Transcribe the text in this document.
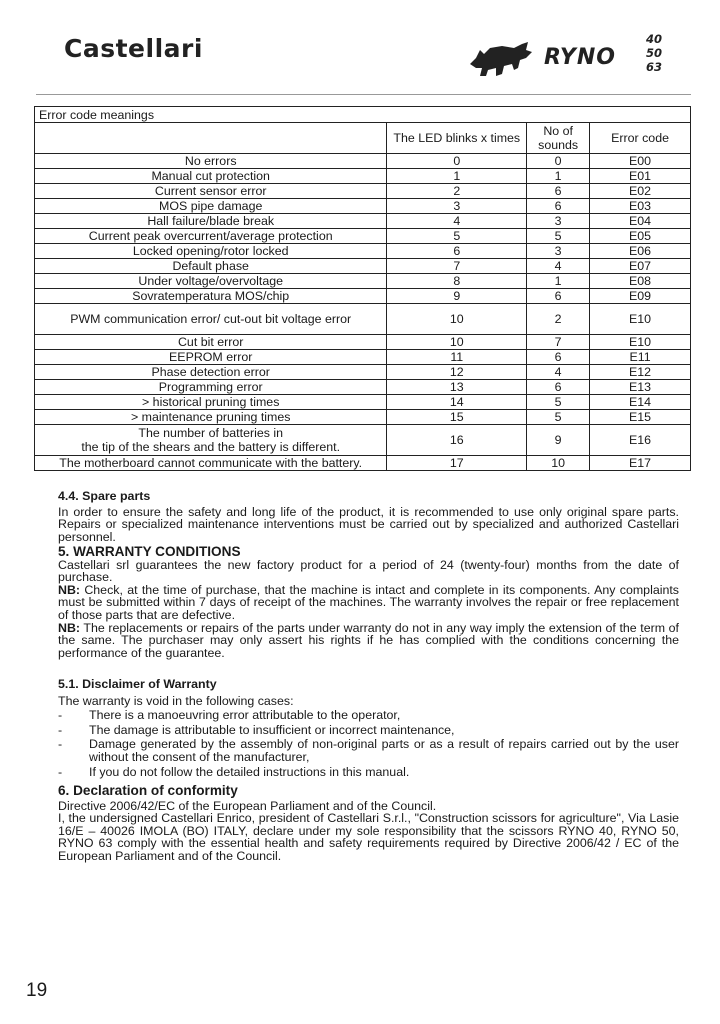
Castellari	RYNO
40
50
63
Error code meanings			
	The LED blinks x times	No of sounds	Error code
No errors	0	0	E00
Manual cut protection	1	1	E01
Current sensor error	2	6	E02
MOS pipe damage	3	6	E03
Hall failure/blade break	4	3	E04
Current peak overcurrent/average protection	5	5	E05
Locked opening/rotor locked	6	3	E06
Default phase	7	4	E07
Under voltage/overvoltage	8	1	E08
Sovratemperatura MOS/chip	9	6	E09
PWM communication error/ cut-out bit voltage error	10	2	E10
Cut bit error	10	7	E10
EEPROM error	11	6	E11
Phase detection error	12	4	E12
Programming error	13	6	E13
> historical pruning times	14	5	E14
> maintenance pruning times	15	5	E15

The number of batteries in
the tip of the shears and the battery is different.	16	9	E16
The motherboard cannot communicate with the battery.	17	10	E17

4.4. Spare parts

In order to ensure the safety and long life of the product, it is recommended to use only original spare parts. Repairs or specialized maintenance interventions must be carried out by specialized and authorized Castellari personnel.

5. WARRANTY CONDITIONS

Castellari srl guarantees the new factory product for a period of 24 (twenty-four) months from the date of purchase.

NB: Check, at the time of purchase, that the machine is intact and complete in its components. Any complaints must be submitted within 7 days of receipt of the machines. The warranty involves the repair or free replacement of those parts that are defective.

NB: The replacements or repairs of the parts under warranty do not in any way imply the extension of the term of the same. The purchaser may only assert his rights if he has complied with the conditions concerning the performance of the guarantee.

5.1. Disclaimer of Warranty

The warranty is void in the following cases:

- There is a manoeuvring error attributable to the operator,
- The damage is attributable to insufficient or incorrect maintenance,
- Damage generated by the assembly of non-original parts or as a result of repairs carried out by the user without the consent of the manufacturer,
- If you do not follow the detailed instructions in this manual.

6. Declaration of conformity

Directive 2006/42/EC of the European Parliament and of the Council.

I, the undersigned Castellari Enrico, president of Castellari S.r.l., "Construction scissors for agriculture", Via Lasie 16/E – 40026 IMOLA (BO) ITALY, declare under my sole responsibility that the scissors RYNO 40, RYNO 50, RYNO 63 comply with the essential health and safety requirements required by Directive 2006/42 / EC of the European Parliament and of the Council.

19
